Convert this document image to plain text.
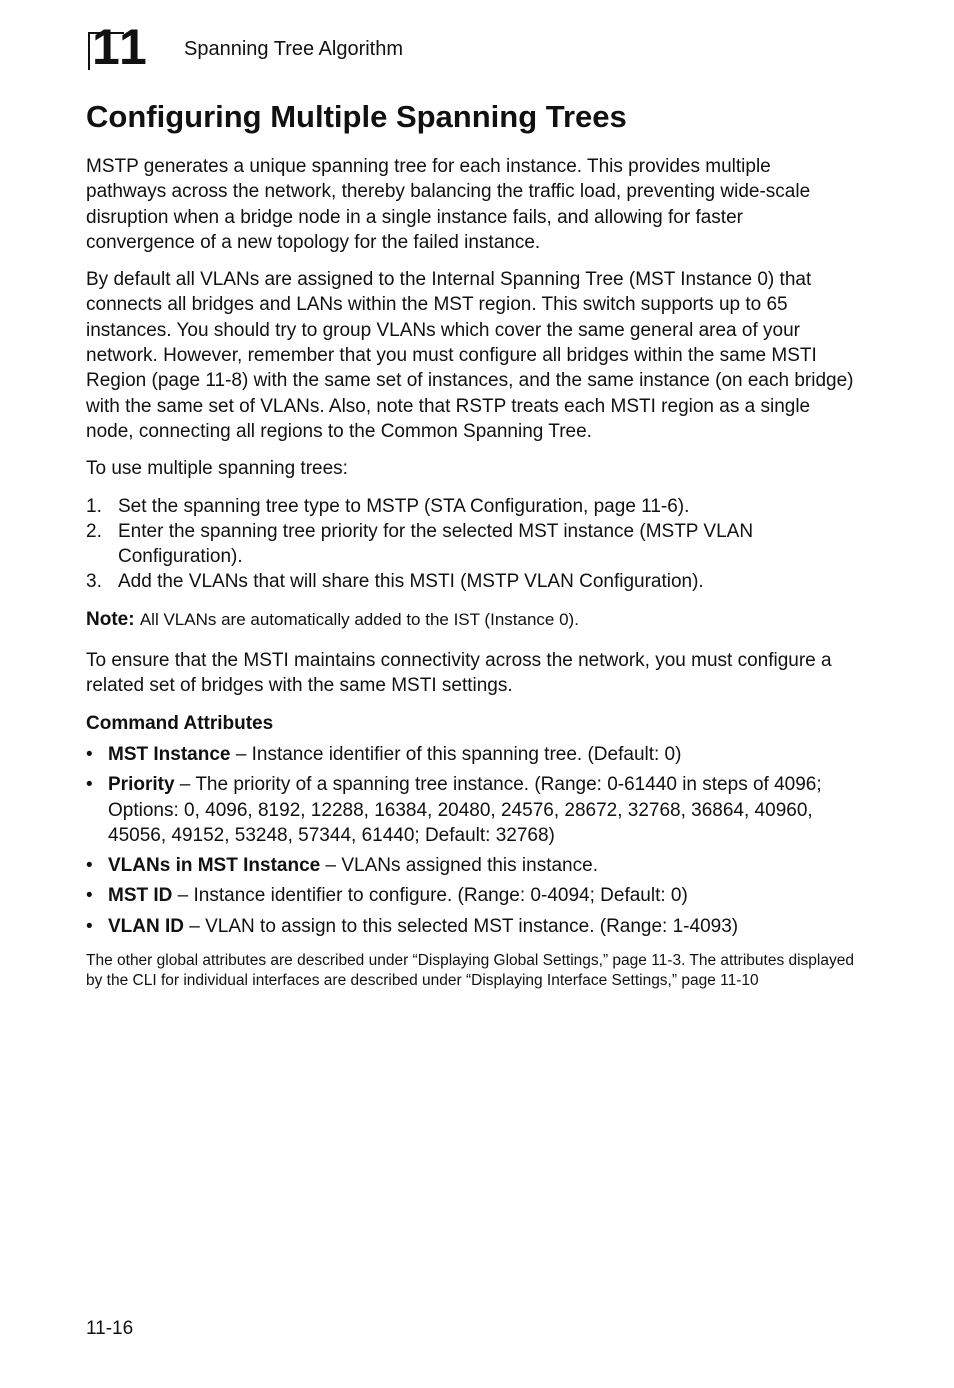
11 Spanning Tree Algorithm
Configuring Multiple Spanning Trees

MSTP generates a unique spanning tree for each instance. This provides multiple pathways across the network, thereby balancing the traffic load, preventing wide-scale disruption when a bridge node in a single instance fails, and allowing for faster convergence of a new topology for the failed instance.

By default all VLANs are assigned to the Internal Spanning Tree (MST Instance 0) that connects all bridges and LANs within the MST region. This switch supports up to 65 instances. You should try to group VLANs which cover the same general area of your network. However, remember that you must configure all bridges within the same MSTI Region (page 11-8) with the same set of instances, and the same instance (on each bridge) with the same set of VLANs. Also, note that RSTP treats each MSTI region as a single node, connecting all regions to the Common Spanning Tree.

To use multiple spanning trees:

1. Set the spanning tree type to MSTP (STA Configuration, page 11-6).
2. Enter the spanning tree priority for the selected MST instance (MSTP VLAN Configuration).
3. Add the VLANs that will share this MSTI (MSTP VLAN Configuration).
Note: All VLANs are automatically added to the IST (Instance 0).

To ensure that the MSTI maintains connectivity across the network, you must configure a related set of bridges with the same MSTI settings.

Command Attributes
• MST Instance – Instance identifier of this spanning tree. (Default: 0)
• Priority – The priority of a spanning tree instance. (Range: 0-61440 in steps of 4096; Options: 0, 4096, 8192, 12288, 16384, 20480, 24576, 28672, 32768, 36864, 40960, 45056, 49152, 53248, 57344, 61440; Default: 32768)
• VLANs in MST Instance – VLANs assigned this instance.
• MST ID – Instance identifier to configure. (Range: 0-4094; Default: 0)
• VLAN ID – VLAN to assign to this selected MST instance. (Range: 1-4093)
The other global attributes are described under “Displaying Global Settings,” page 11-3. The attributes displayed by the CLI for individual interfaces are described under “Displaying Interface Settings,” page 11-10
11-16
